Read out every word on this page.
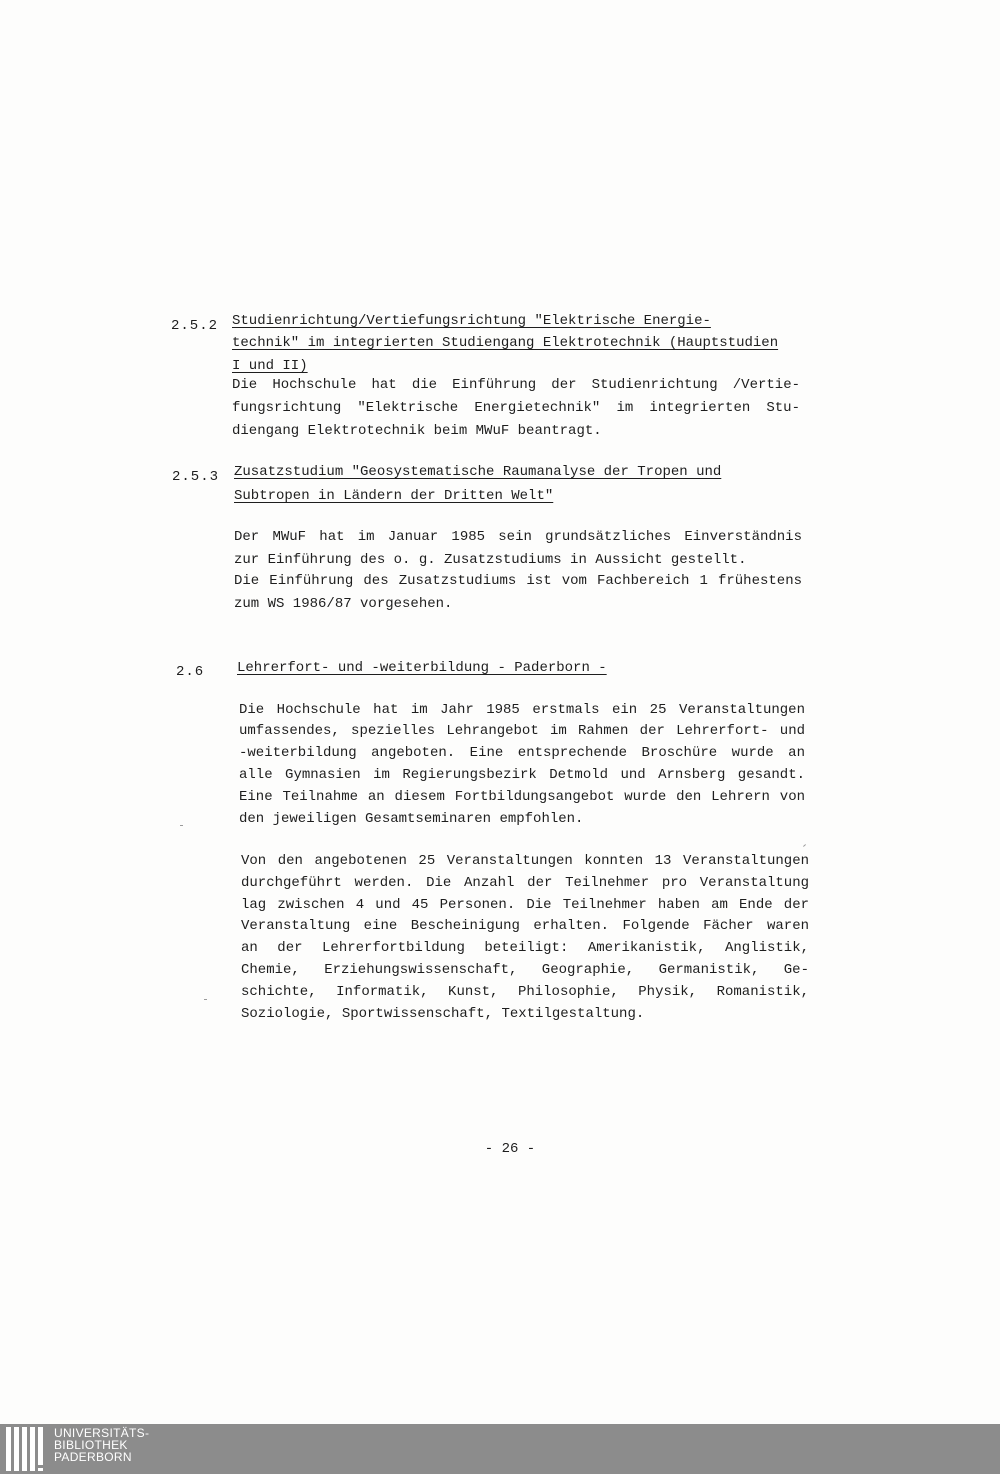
2.5.2 Studienrichtung/Vertiefungsrichtung "Elektrische Energie-
technik" im integrierten Studiengang Elektrotechnik (Hauptstudien
I und II)
Die Hochschule hat die Einführung der Studienrichtung /Vertie-
fungsrichtung "Elektrische Energietechnik" im integrierten Stu-
diengang Elektrotechnik beim MWuF beantragt.
2.5.3 Zusatzstudium "Geosystematische Raumanalyse der Tropen und
Subtropen in Ländern der Dritten Welt"
Der MWuF hat im Januar 1985 sein grundsätzliches Einverständnis
zur Einführung des o. g. Zusatzstudiums in Aussicht gestellt.
Die Einführung des Zusatzstudiums ist vom Fachbereich 1 frühestens
zum WS 1986/87 vorgesehen.
2.6 Lehrerfort- und -weiterbildung - Paderborn -
Die Hochschule hat im Jahr 1985 erstmals ein 25 Veranstaltungen
umfassendes, spezielles Lehrangebot im Rahmen der Lehrerfort- und
-weiterbildung angeboten. Eine entsprechende Broschüre wurde an
alle Gymnasien im Regierungsbezirk Detmold und Arnsberg gesandt.
Eine Teilnahme an diesem Fortbildungsangebot wurde den Lehrern von
den jeweiligen Gesamtseminaren empfohlen.
Von den angebotenen 25 Veranstaltungen konnten 13 Veranstaltungen
durchgeführt werden. Die Anzahl der Teilnehmer pro Veranstaltung
lag zwischen 4 und 45 Personen. Die Teilnehmer haben am Ende der
Veranstaltung eine Bescheinigung erhalten. Folgende Fächer waren
an der Lehrerfortbildung beteiligt: Amerikanistik, Anglistik,
Chemie, Erziehungswissenschaft, Geographie, Germanistik, Ge-
schichte, Informatik, Kunst, Philosophie, Physik, Romanistik,
Soziologie, Sportwissenschaft, Textilgestaltung.
- 26 -
UNIVERSITÄTS-
BIBLIOTHEK
PADERBORN
